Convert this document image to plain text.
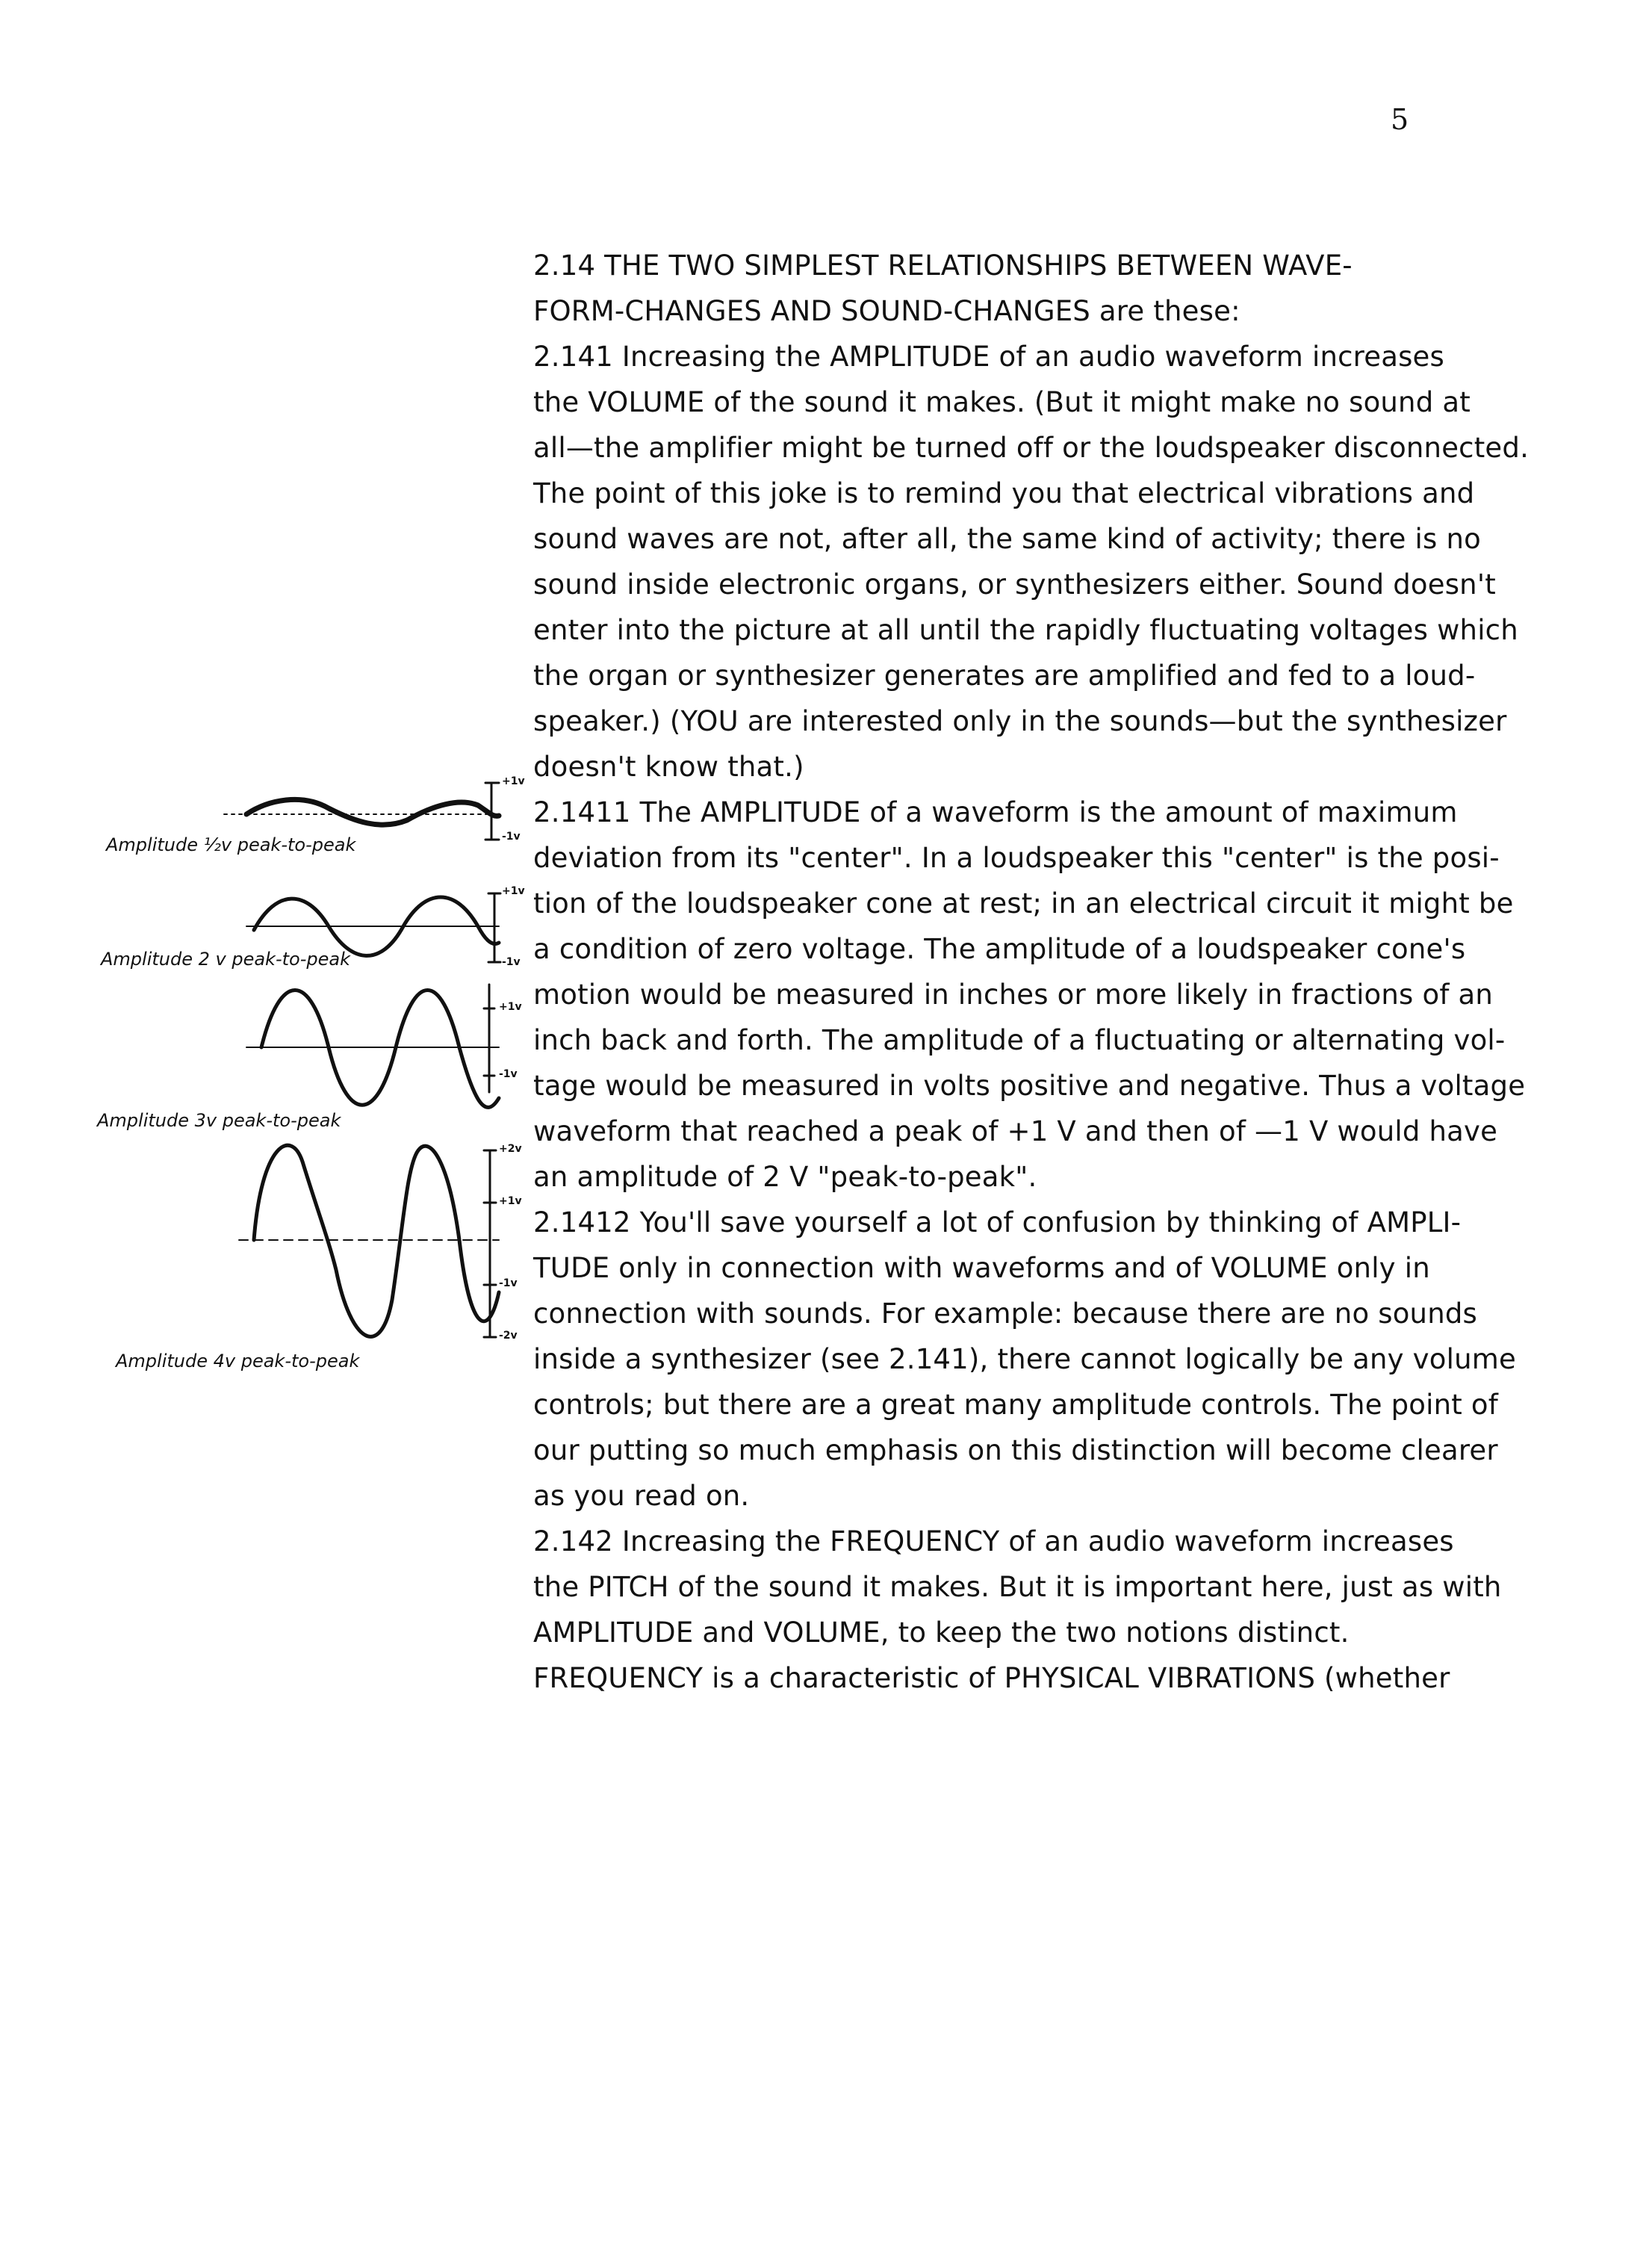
5
Amplitude ½v peak-to-peak
+1v
-1v
Amplitude 2 v peak-to-peak
+1v
-1v
Amplitude 3v peak-to-peak
+1v
-1v
Amplitude 4v peak-to-peak
+2v
+1v
-1v
-2v
2.14 THE TWO SIMPLEST RELATIONSHIPS BETWEEN WAVE-
FORM-CHANGES AND SOUND-CHANGES are these:
2.141 Increasing the AMPLITUDE of an audio waveform increases
the VOLUME of the sound it makes. (But it might make no sound at
all—the amplifier might be turned off or the loudspeaker disconnected.
The point of this joke is to remind you that electrical vibrations and
sound waves are not, after all, the same kind of activity; there is no
sound inside electronic organs, or synthesizers either. Sound doesn't
enter into the picture at all until the rapidly fluctuating voltages which
the organ or synthesizer generates are amplified and fed to a loud-
speaker.) (YOU are interested only in the sounds—but the synthesizer
doesn't know that.)
2.1411 The AMPLITUDE of a waveform is the amount of maximum
deviation from its "center". In a loudspeaker this "center" is the posi-
tion of the loudspeaker cone at rest; in an electrical circuit it might be
a condition of zero voltage. The amplitude of a loudspeaker cone's
motion would be measured in inches or more likely in fractions of an
inch back and forth. The amplitude of a fluctuating or alternating vol-
tage would be measured in volts positive and negative. Thus a voltage
waveform that reached a peak of +1 V and then of —1 V would have
an amplitude of 2 V "peak-to-peak".
2.1412 You'll save yourself a lot of confusion by thinking of AMPLI-
TUDE only in connection with waveforms and of VOLUME only in
connection with sounds. For example: because there are no sounds
inside a synthesizer (see 2.141), there cannot logically be any volume
controls; but there are a great many amplitude controls. The point of
our putting so much emphasis on this distinction will become clearer
as you read on.
2.142 Increasing the FREQUENCY of an audio waveform increases
the PITCH of the sound it makes. But it is important here, just as with
AMPLITUDE and VOLUME, to keep the two notions distinct.
FREQUENCY is a characteristic of PHYSICAL VIBRATIONS (whether
